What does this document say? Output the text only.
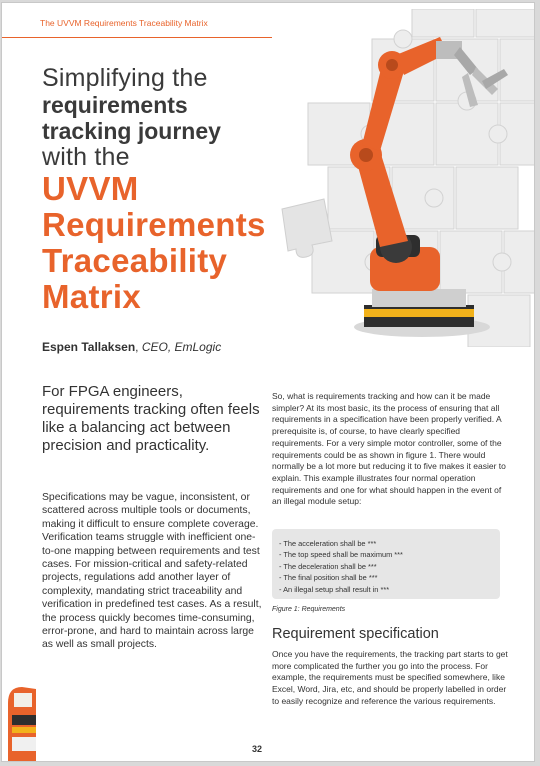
The UVVM Requirements Traceability Matrix
Simplifying the
requirements
tracking journey
with the
UVVM
Requirements
Traceability
Matrix
Espen Tallaksen, CEO, EmLogic
For FPGA engineers, requirements tracking often feels like a balancing act between precision and practicality.
Specifications may be vague, inconsistent, or scattered across multiple tools or documents, making it difficult to ensure complete coverage. Verification teams struggle with inefficient one-to-one mapping between requirements and test cases. For mission-critical and safety-related projects, regulations add another layer of complexity, mandating strict traceability and verification in predefined test cases. As a result, the process quickly becomes time-consuming, error-prone, and hard to maintain across large as well as small projects.
So, what is requirements tracking and how can it be made simpler? At its most basic, its the process of ensuring that all requirements in a specification have been properly verified. A prerequisite is, of course, to have clearly specified requirements. For a very simple motor controller, some of the requirements could be as shown in figure 1. There would normally be a lot more but reducing it to five makes it easier to explain. This example illustrates four normal operation requirements and one for what should happen in the event of an illegal module setup:
- The acceleration shall be ***
- The top speed shall be maximum ***
- The deceleration shall be ***
- The final position shall be ***
- An illegal setup shall result in ***
Figure 1: Requirements
Requirement specification
Once you have the requirements, the tracking part starts to get more complicated the further you go into the process. For example, the requirements must be specified somewhere, like Excel, Word, Jira, etc, and should be properly labelled in order to easily recognize and reference the various requirements.
32
